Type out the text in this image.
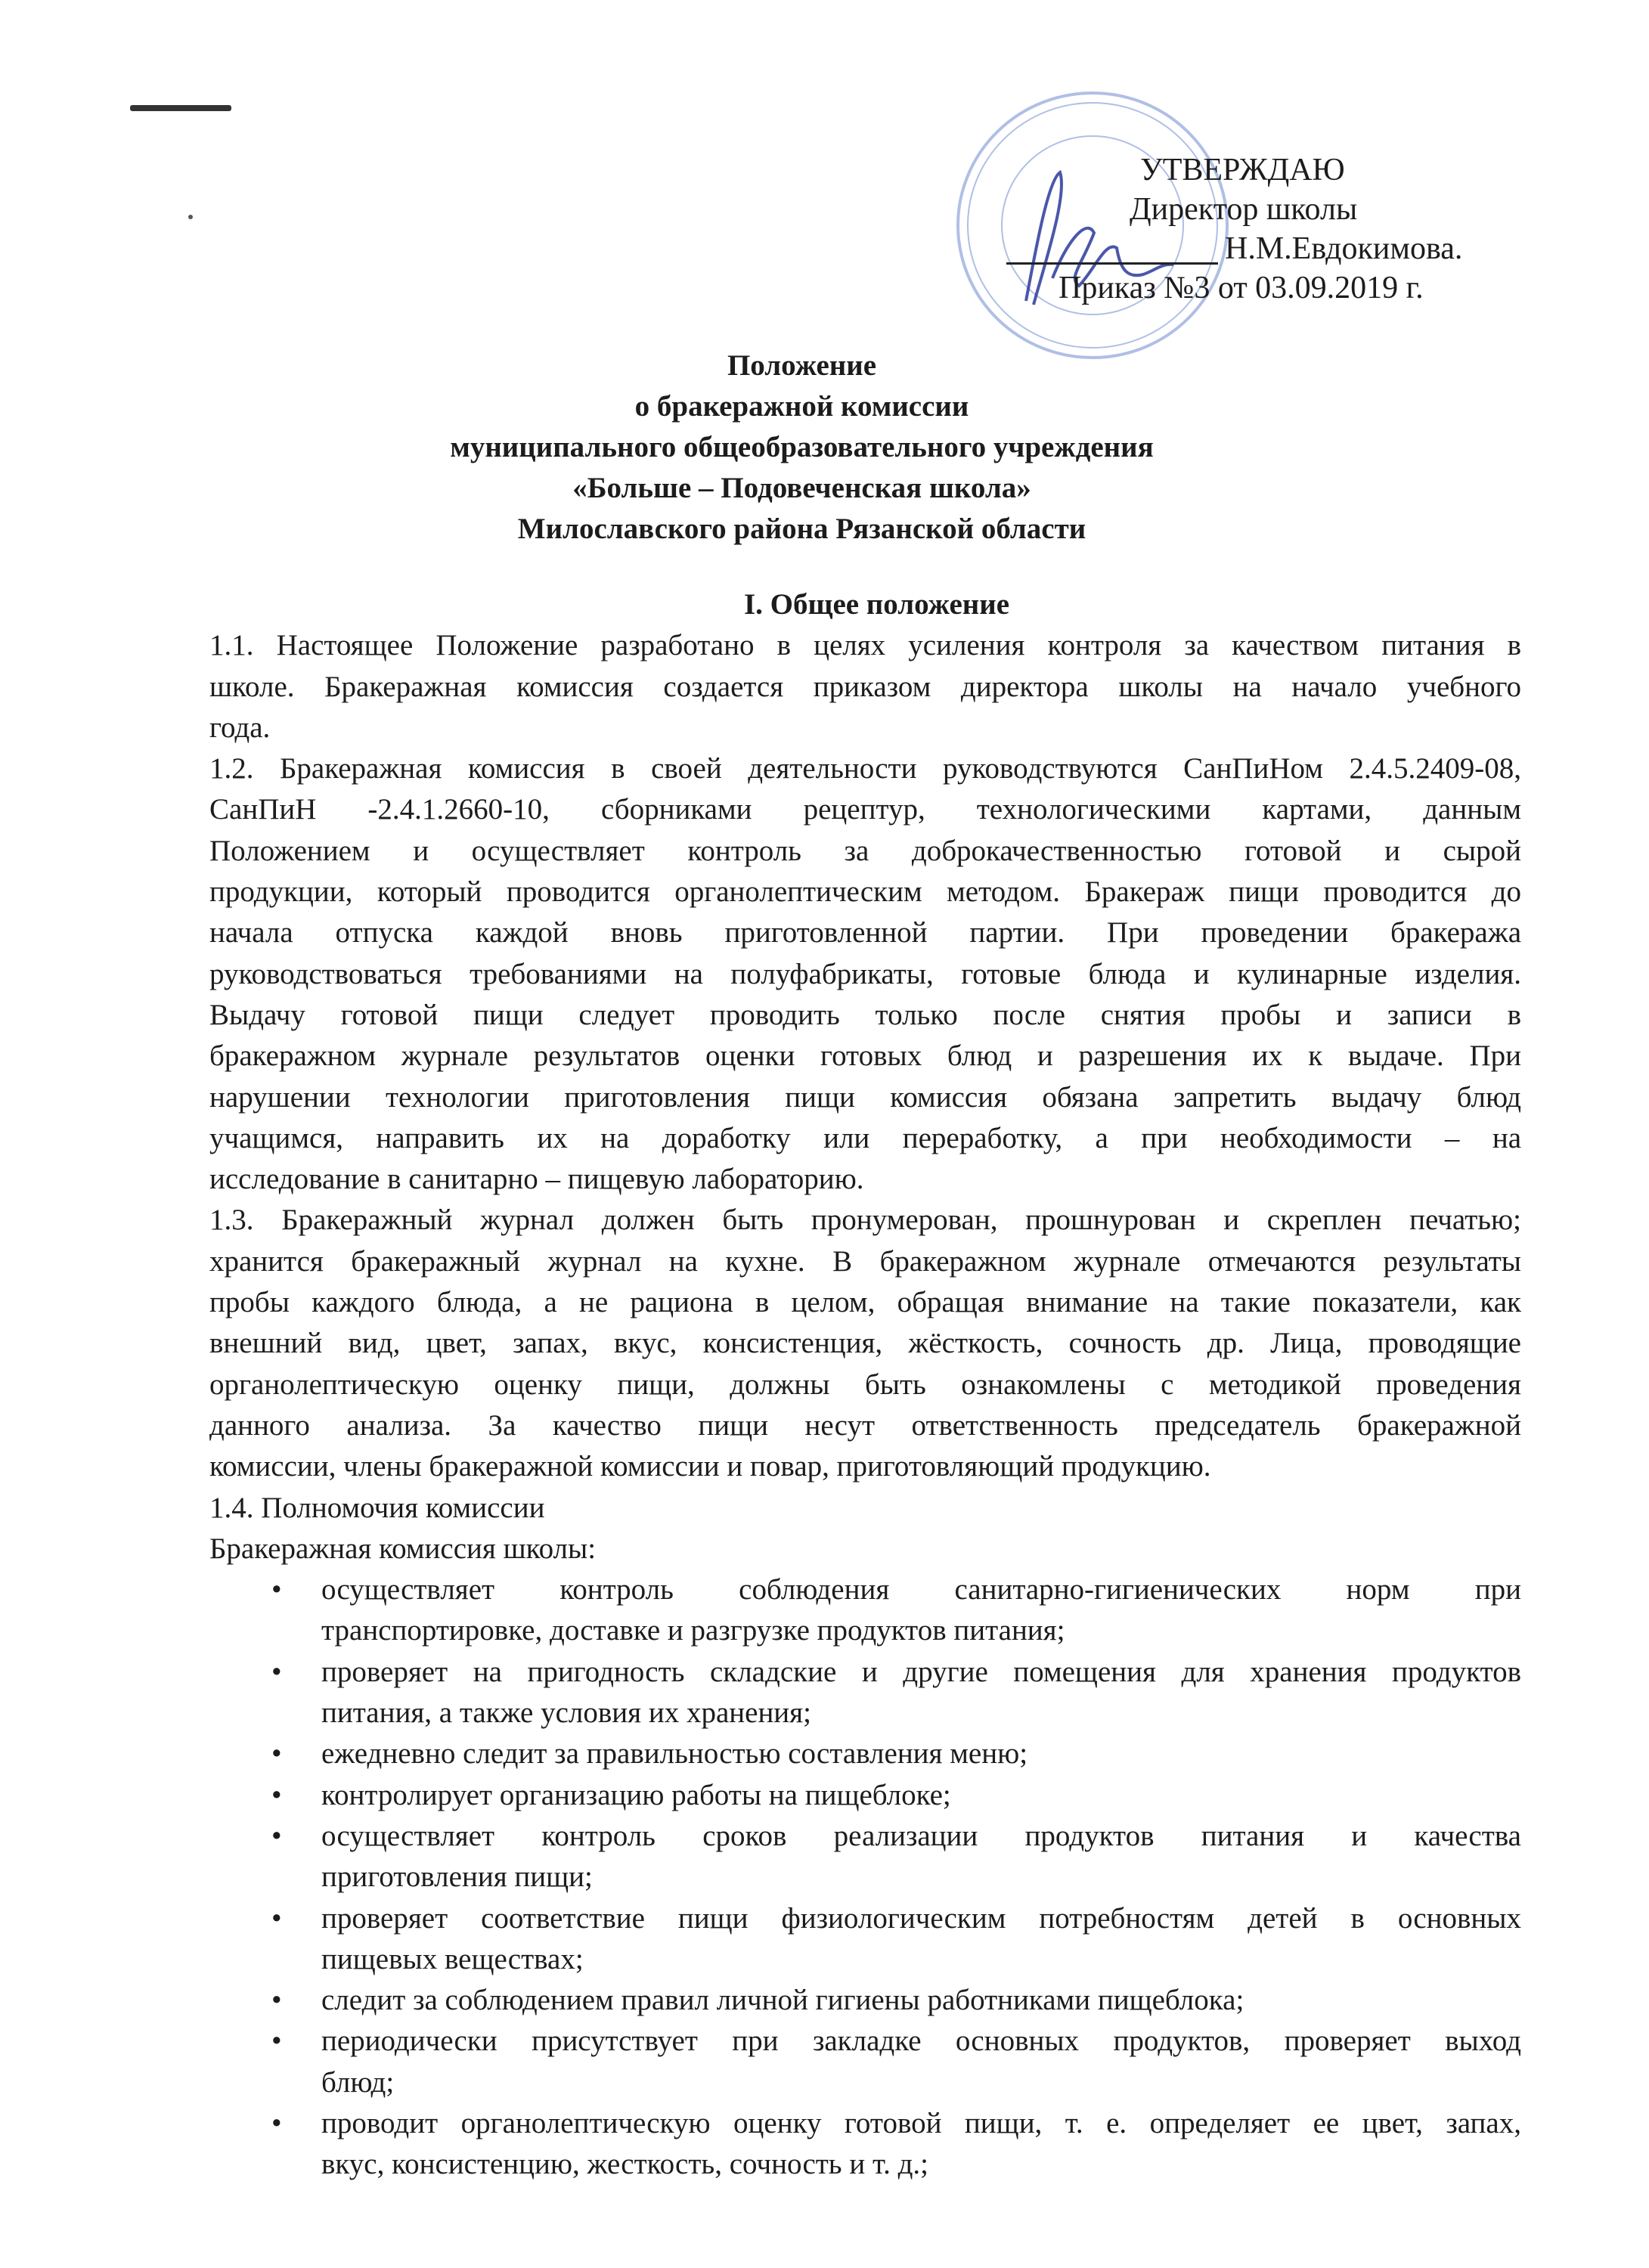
УТВЕРЖДАЮ
Директор школы
Н.М.Евдокимова.
Приказ №3 от 03.09.2019 г.
Положение
о бракеражной комиссии
муниципального общеобразовательного учреждения
«Больше – Подовеченская школа»
Милославского района Рязанской области
I. Общее положение
1.1. Настоящее Положение разработано в целях усиления контроля за качеством питания в
школе. Бракеражная комиссия создается приказом директора школы на начало учебного
года.
1.2. Бракеражная комиссия в своей деятельности руководствуются СанПиНом 2.4.5.2409-08,
СанПиН -2.4.1.2660-10, сборниками рецептур, технологическими картами, данным
Положением и осуществляет контроль за доброкачественностью готовой и сырой
продукции, который проводится органолептическим методом. Бракераж пищи проводится до
начала отпуска каждой вновь приготовленной партии. При проведении бракеража
руководствоваться требованиями на полуфабрикаты, готовые блюда и кулинарные изделия.
Выдачу готовой пищи следует проводить только после снятия пробы и записи в
бракеражном журнале результатов оценки готовых блюд и разрешения их к выдаче. При
нарушении технологии приготовления пищи комиссия обязана запретить выдачу блюд
учащимся, направить их на доработку или переработку, а при необходимости – на
исследование в санитарно – пищевую лабораторию.
1.3. Бракеражный журнал должен быть пронумерован, прошнурован и скреплен печатью;
хранится бракеражный журнал на кухне. В бракеражном журнале отмечаются результаты
пробы каждого блюда, а не рациона в целом, обращая внимание на такие показатели, как
внешний вид, цвет, запах, вкус, консистенция, жёсткость, сочность др. Лица, проводящие
органолептическую оценку пищи, должны быть ознакомлены с методикой проведения
данного анализа. За качество пищи несут ответственность председатель бракеражной
комиссии, члены бракеражной комиссии и повар, приготовляющий продукцию.
1.4. Полномочия комиссии
Бракеражная комиссия школы:
• осуществляет контроль соблюдения санитарно-гигиенических норм при
транспортировке, доставке и разгрузке продуктов питания;
• проверяет на пригодность складские и другие помещения для хранения продуктов
питания, а также условия их хранения;
• ежедневно следит за правильностью составления меню;
• контролирует организацию работы на пищеблоке;
• осуществляет контроль сроков реализации продуктов питания и качества
приготовления пищи;
• проверяет соответствие пищи физиологическим потребностям детей в основных
пищевых веществах;
• следит за соблюдением правил личной гигиены работниками пищеблока;
• периодически присутствует при закладке основных продуктов, проверяет выход
блюд;
• проводит органолептическую оценку готовой пищи, т. е. определяет ее цвет, запах,
вкус, консистенцию, жесткость, сочность и т. д.;
